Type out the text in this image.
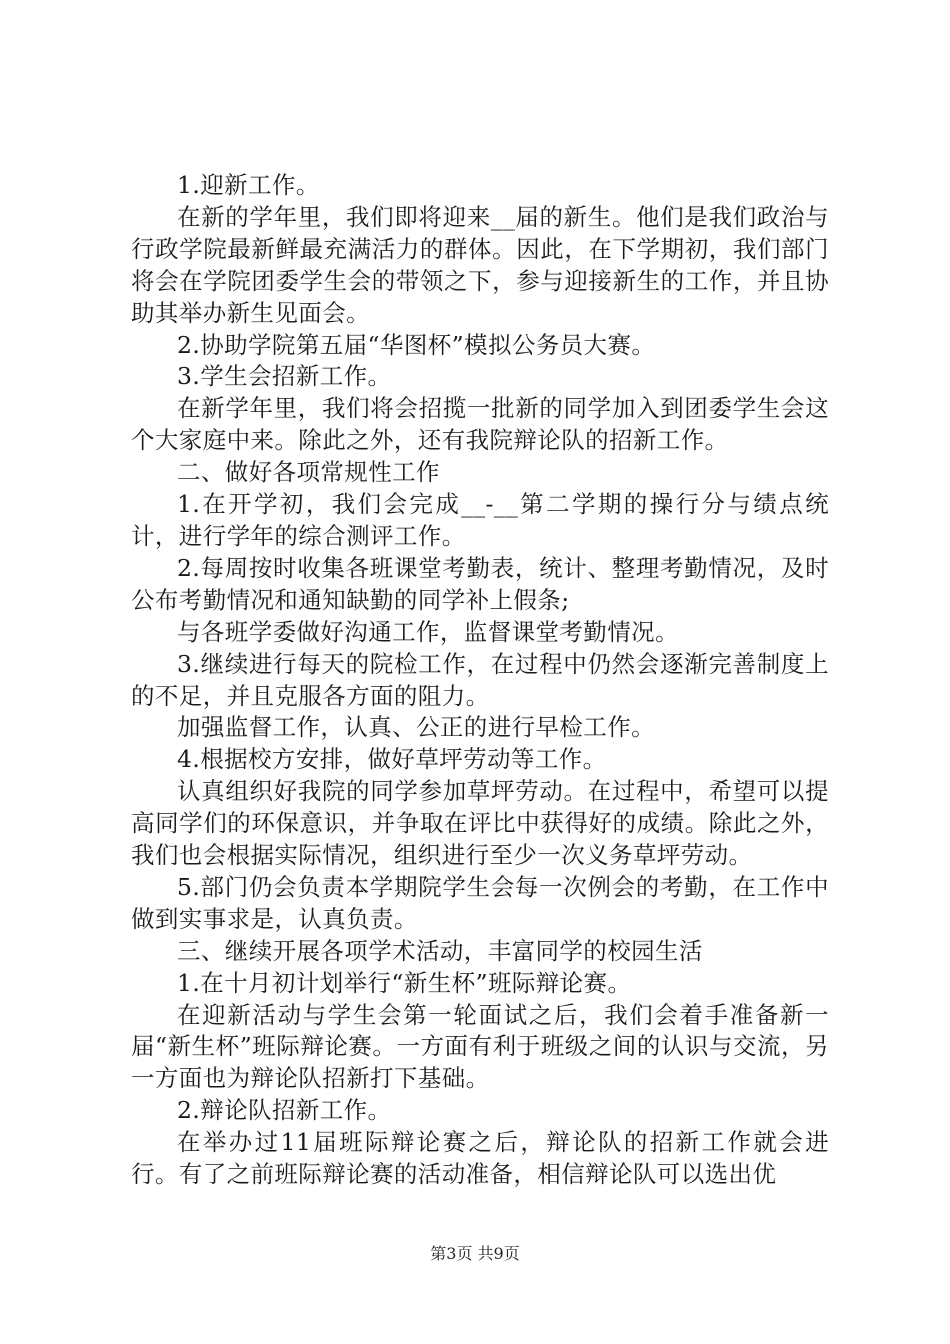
1.迎新工作。

在新的学年里，我们即将迎来__届的新生。他们是我们政治与行政学院最新鲜最充满活力的群体。因此，在下学期初，我们部门将会在学院团委学生会的带领之下，参与迎接新生的工作，并且协助其举办新生见面会。

2.协助学院第五届“华图杯”模拟公务员大赛。

3.学生会招新工作。

在新学年里，我们将会招揽一批新的同学加入到团委学生会这个大家庭中来。除此之外，还有我院辩论队的招新工作。

二、做好各项常规性工作

1.在开学初，我们会完成__-__第二学期的操行分与绩点统计，进行学年的综合测评工作。

2.每周按时收集各班课堂考勤表，统计、整理考勤情况，及时公布考勤情况和通知缺勤的同学补上假条;

与各班学委做好沟通工作，监督课堂考勤情况。

3.继续进行每天的院检工作，在过程中仍然会逐渐完善制度上的不足，并且克服各方面的阻力。

加强监督工作，认真、公正的进行早检工作。

4.根据校方安排，做好草坪劳动等工作。

认真组织好我院的同学参加草坪劳动。在过程中，希望可以提高同学们的环保意识，并争取在评比中获得好的成绩。除此之外，我们也会根据实际情况，组织进行至少一次义务草坪劳动。

5.部门仍会负责本学期院学生会每一次例会的考勤，在工作中做到实事求是，认真负责。

三、继续开展各项学术活动，丰富同学的校园生活

1.在十月初计划举行“新生杯”班际辩论赛。

在迎新活动与学生会第一轮面试之后，我们会着手准备新一届“新生杯”班际辩论赛。一方面有利于班级之间的认识与交流，另一方面也为辩论队招新打下基础。

2.辩论队招新工作。

在举办过11届班际辩论赛之后，辩论队的招新工作就会进行。有了之前班际辩论赛的活动准备，相信辩论队可以选出优

第3页 共9页
